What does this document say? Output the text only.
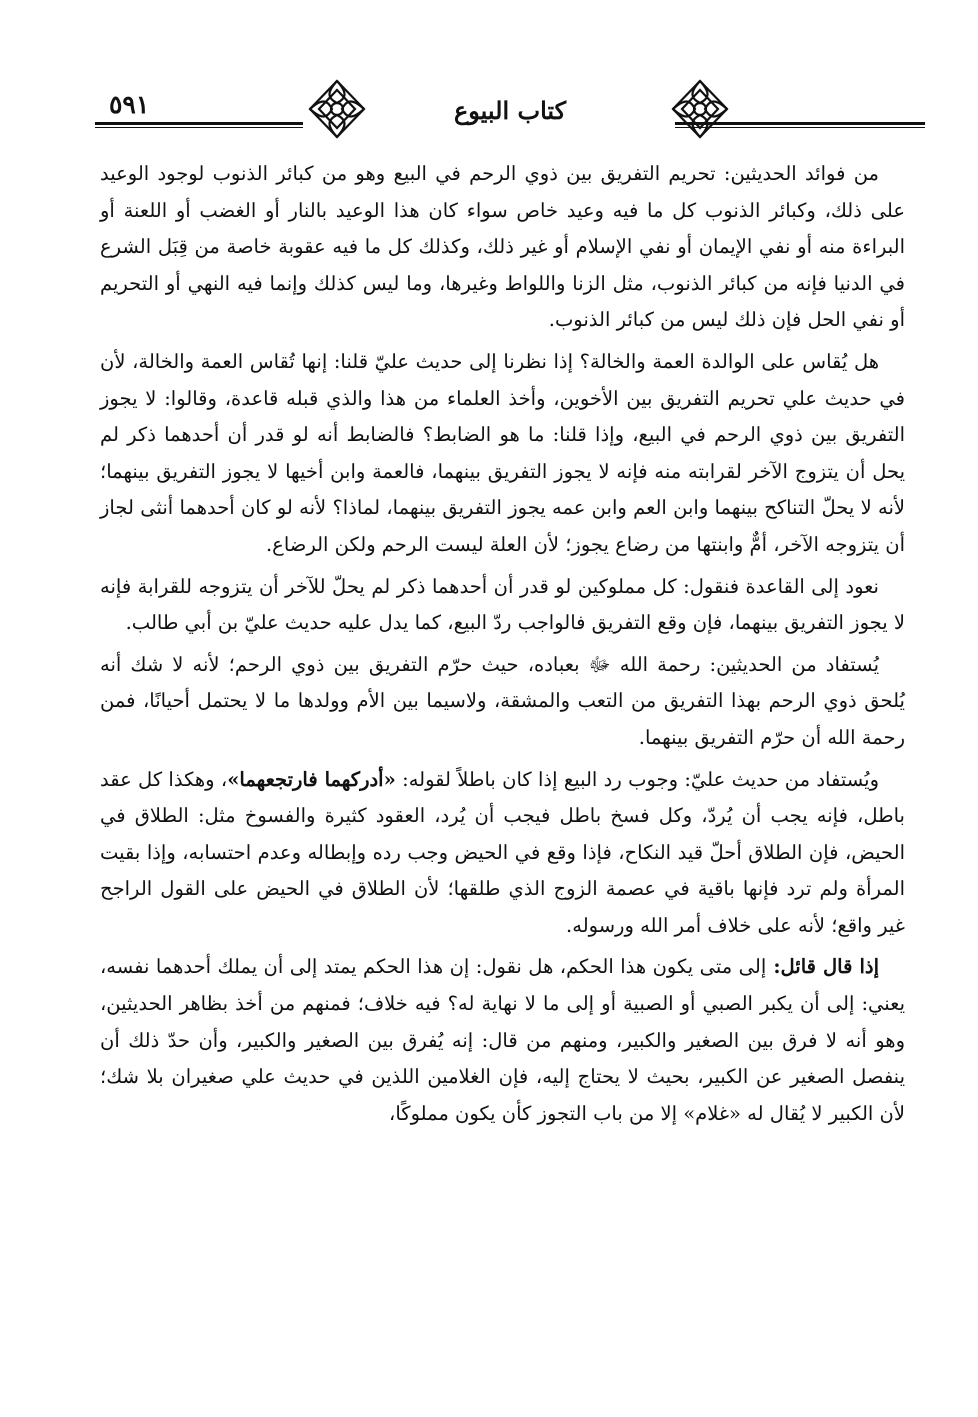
٥٩١	كتاب البيوع

من فوائد الحديثين: تحريم التفريق بين ذوي الرحم في البيع وهو من كبائر الذنوب لوجود الوعيد على ذلك، وكبائر الذنوب كل ما فيه وعيد خاص سواء كان هذا الوعيد بالنار أو الغضب أو اللعنة أو البراءة منه أو نفي الإيمان أو نفي الإسلام أو غير ذلك، وكذلك كل ما فيه عقوبة خاصة من قِبَل الشرع في الدنيا فإنه من كبائر الذنوب، مثل الزنا واللواط وغيرها، وما ليس كذلك وإنما فيه النهي أو التحريم أو نفي الحل فإن ذلك ليس من كبائر الذنوب.

هل يُقاس على الوالدة العمة والخالة؟ إذا نظرنا إلى حديث عليّ قلنا: إنها تُقاس العمة والخالة، لأن في حديث علي تحريم التفريق بين الأخوين، وأخذ العلماء من هذا والذي قبله قاعدة، وقالوا: لا يجوز التفريق بين ذوي الرحم في البيع، وإذا قلنا: ما هو الضابط؟ فالضابط أنه لو قدر أن أحدهما ذكر لم يحل أن يتزوج الآخر لقرابته منه فإنه لا يجوز التفريق بينهما، فالعمة وابن أخيها لا يجوز التفريق بينهما؛ لأنه لا يحلّ التناكح بينهما وابن العم وابن عمه يجوز التفريق بينهما، لماذا؟ لأنه لو كان أحدهما أنثى لجاز أن يتزوجه الآخر، أمٌّ وابنتها من رضاع يجوز؛ لأن العلة ليست الرحم ولكن الرضاع.

نعود إلى القاعدة فنقول: كل مملوكين لو قدر أن أحدهما ذكر لم يحلّ للآخر أن يتزوجه للقرابة فإنه لا يجوز التفريق بينهما، فإن وقع التفريق فالواجب ردّ البيع، كما يدل عليه حديث عليّ بن أبي طالب.

يُستفاد من الحديثين: رحمة الله ﷻ بعباده، حيث حرّم التفريق بين ذوي الرحم؛ لأنه لا شك أنه يُلحق ذوي الرحم بهذا التفريق من التعب والمشقة، ولاسيما بين الأم وولدها ما لا يحتمل أحيانًا، فمن رحمة الله أن حرّم التفريق بينهما.

ويُستفاد من حديث عليّ: وجوب رد البيع إذا كان باطلاً لقوله: «أدركهما فارتجعهما»، وهكذا كل عقد باطل، فإنه يجب أن يُردّ، وكل فسخ باطل فيجب أن يُرد، العقود كثيرة والفسوخ مثل: الطلاق في الحيض، فإن الطلاق أحلّ قيد النكاح، فإذا وقع في الحيض وجب رده وإبطاله وعدم احتسابه، وإذا بقيت المرأة ولم ترد فإنها باقية في عصمة الزوج الذي طلقها؛ لأن الطلاق في الحيض على القول الراجح غير واقع؛ لأنه على خلاف أمر الله ورسوله.

إذا قال قائل: إلى متى يكون هذا الحكم، هل نقول: إن هذا الحكم يمتد إلى أن يملك أحدهما نفسه، يعني: إلى أن يكبر الصبي أو الصبية أو إلى ما لا نهاية له؟ فيه خلاف؛ فمنهم من أخذ بظاهر الحديثين، وهو أنه لا فرق بين الصغير والكبير، ومنهم من قال: إنه يُفرق بين الصغير والكبير، وأن حدّ ذلك أن ينفصل الصغير عن الكبير، بحيث لا يحتاج إليه، فإن الغلامين اللذين في حديث علي صغيران بلا شك؛ لأن الكبير لا يُقال له «غلام» إلا من باب التجوز كأن يكون مملوكًا،
